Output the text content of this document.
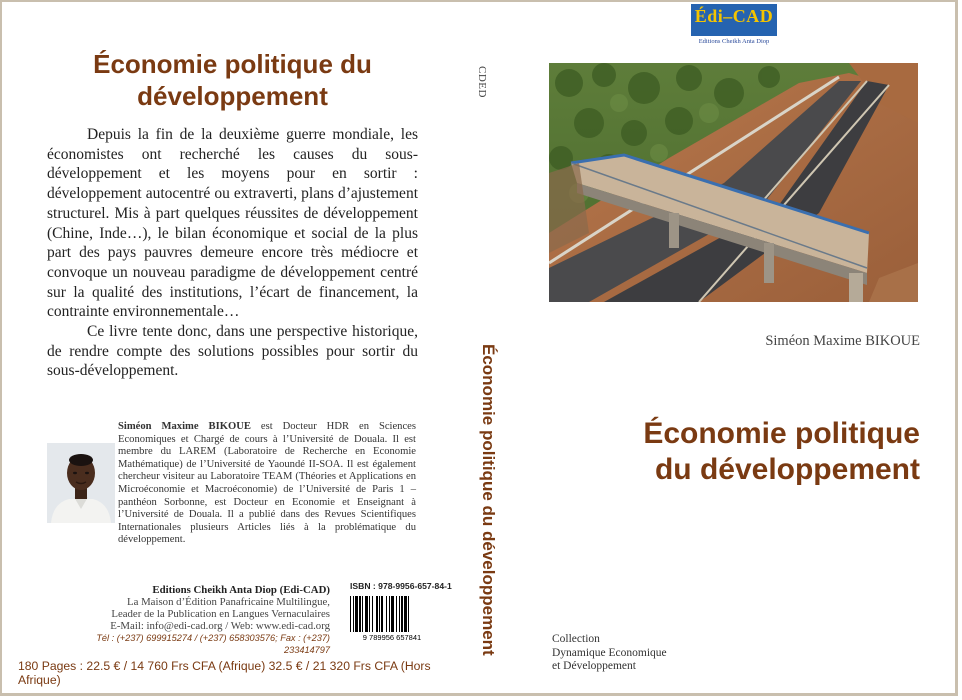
Économie politique du
développement

Depuis la fin de la deuxième guerre mondiale, les économistes ont recherché les causes du sous-développement et les moyens pour en sortir : développement autocentré ou extraverti, plans d’ajustement structurel. Mis à part quelques réussites de développement (Chine, Inde…), le bilan économique et social de la plus part des pays pauvres demeure encore très médiocre et convoque un nouveau paradigme de développement centré sur la qualité des institutions, l’écart de financement, la contrainte environnementale…

Ce livre tente donc, dans une perspective historique, de rendre compte des solutions possibles pour sortir du sous-développement.

Siméon Maxime BIKOUE est Docteur HDR en Sciences Economiques et Chargé de cours à l’Université de Douala. Il est membre du LAREM (Laboratoire de Recherche en Economie Mathématique) de l’Université de Yaoundé II-SOA. Il est également chercheur visiteur au Laboratoire TEAM (Théories et Applications en Microéconomie et Macroéconomie) de l’Université de Paris 1 – panthéon Sorbonne, est Docteur en Economie et Enseignant à l’Université de Douala. Il a publié dans des Revues Scientifiques Internationales plusieurs Articles liés à la problématique du développement.
Editions Cheikh Anta Diop (Edi-CAD)
La Maison d’Édition Panafricaine Multilingue,
Leader de la Publication en Langues Vernaculaires
E-Mail: info@edi-cad.org / Web: www.edi-cad.org
Tél : (+237) 699915274 / (+237) 658303576; Fax : (+237) 233414797
ISBN : 978-9956-657-84-1
9 789956 657841
180 Pages : 22.5 € / 14 760 Frs CFA (Afrique) 32.5 € / 21 320 Frs CFA (Hors Afrique)
CDED
Économie politique du développement
Édi–CAD
Editions Cheikh Anta Diop
Siméon Maxime BIKOUE
Économie politique
du développement
Collection
Dynamique Economique
et Développement
